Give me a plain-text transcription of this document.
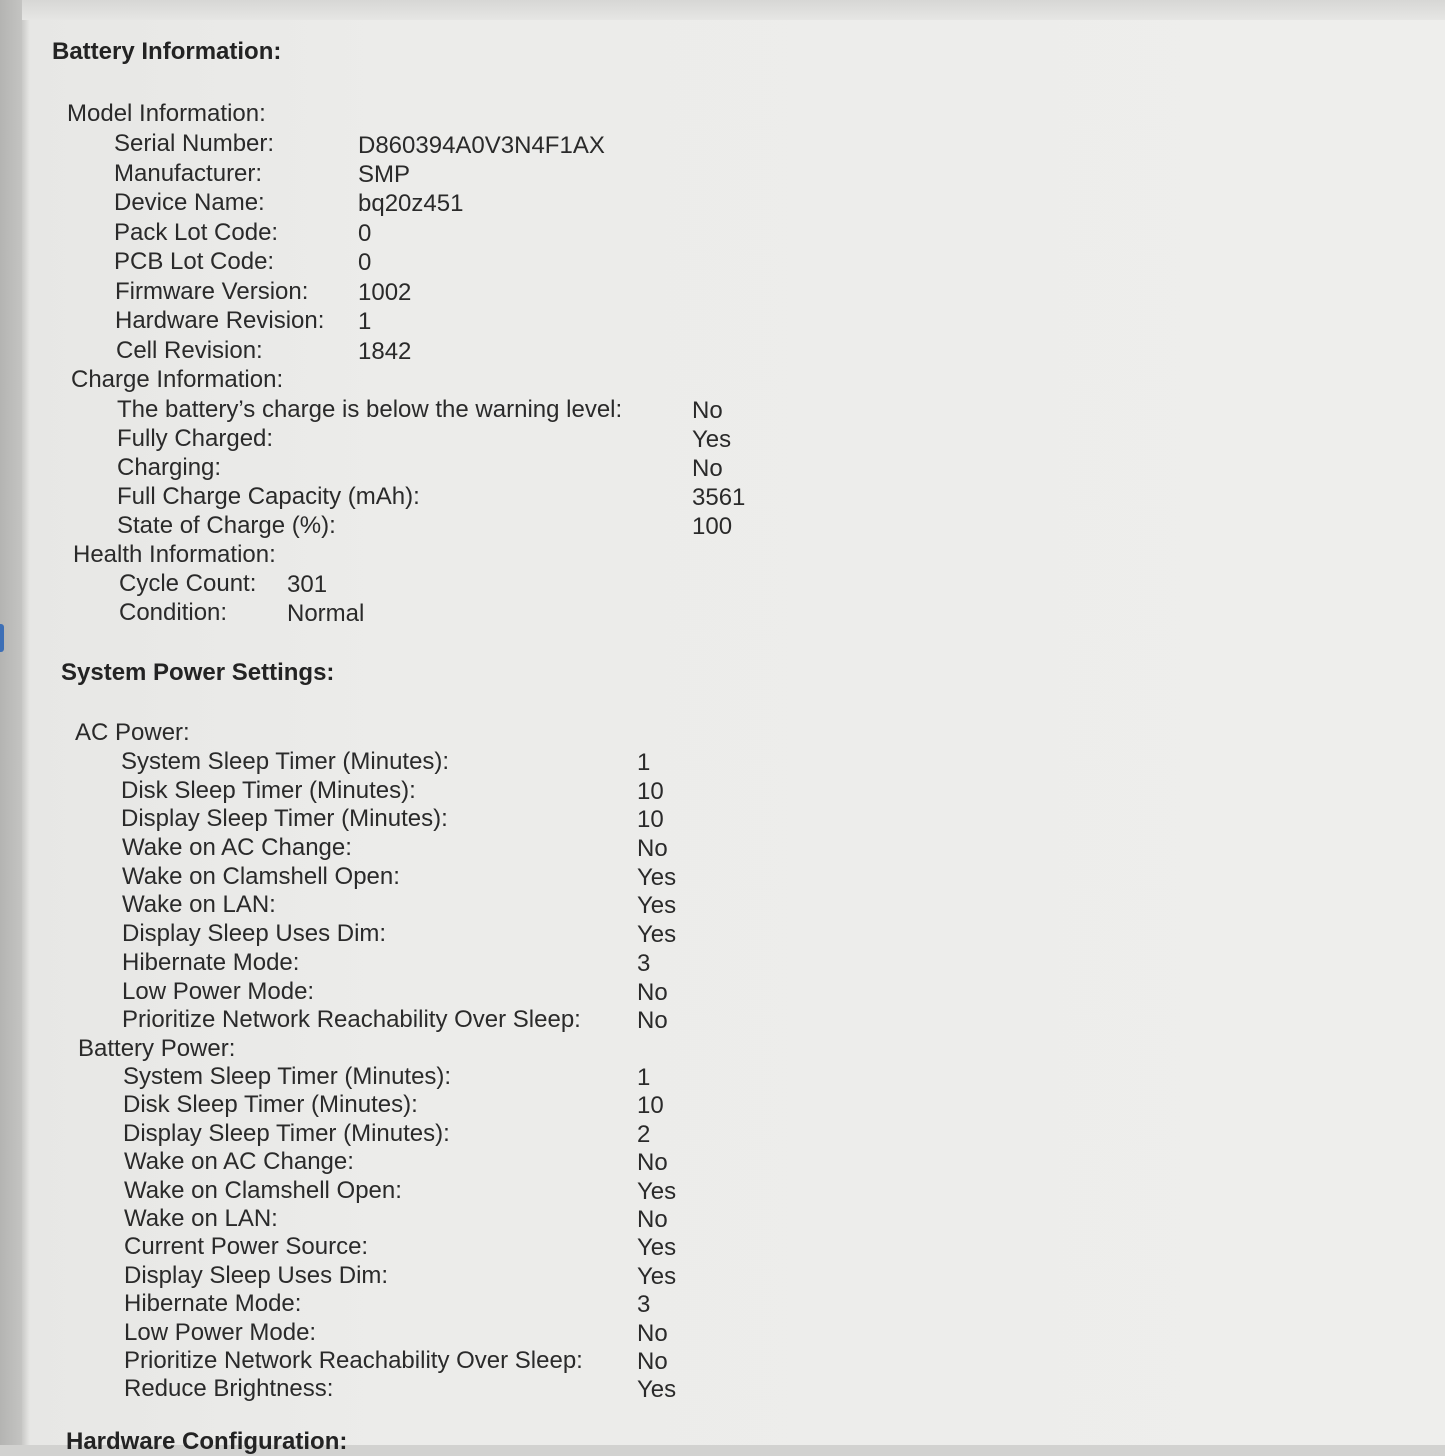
Battery Information:
Model Information:
Serial Number:	D860394A0V3N4F1AX
Manufacturer:	SMP
Device Name:	bq20z451
Pack Lot Code:	0
PCB Lot Code:	0
Firmware Version: 1002
Hardware Revision: 1
Cell Revision:	1842
Charge Information:
The battery’s charge is below the warning level:	No
Fully Charged:	Yes
Charging:	No
Full Charge Capacity (mAh):	3561
State of Charge (%):	100
Health Information:
Cycle Count: 301
Condition: Normal
System Power Settings:
AC Power:
System Sleep Timer (Minutes):	1
Disk Sleep Timer (Minutes):	10
Display Sleep Timer (Minutes):	10
Wake on AC Change:	No
Wake on Clamshell Open:	Yes
Wake on LAN:	Yes
Display Sleep Uses Dim:	Yes
Hibernate Mode:	3
Low Power Mode:	No
Prioritize Network Reachability Over Sleep: No
Battery Power:
System Sleep Timer (Minutes):	1
Disk Sleep Timer (Minutes):	10
Display Sleep Timer (Minutes):	2
Wake on AC Change:	No
Wake on Clamshell Open:	Yes
Wake on LAN:	No
Current Power Source:	Yes
Display Sleep Uses Dim:	Yes
Hibernate Mode:	3
Low Power Mode:	No
Prioritize Network Reachability Over Sleep: No
Reduce Brightness:	Yes
Hardware Configuration:
